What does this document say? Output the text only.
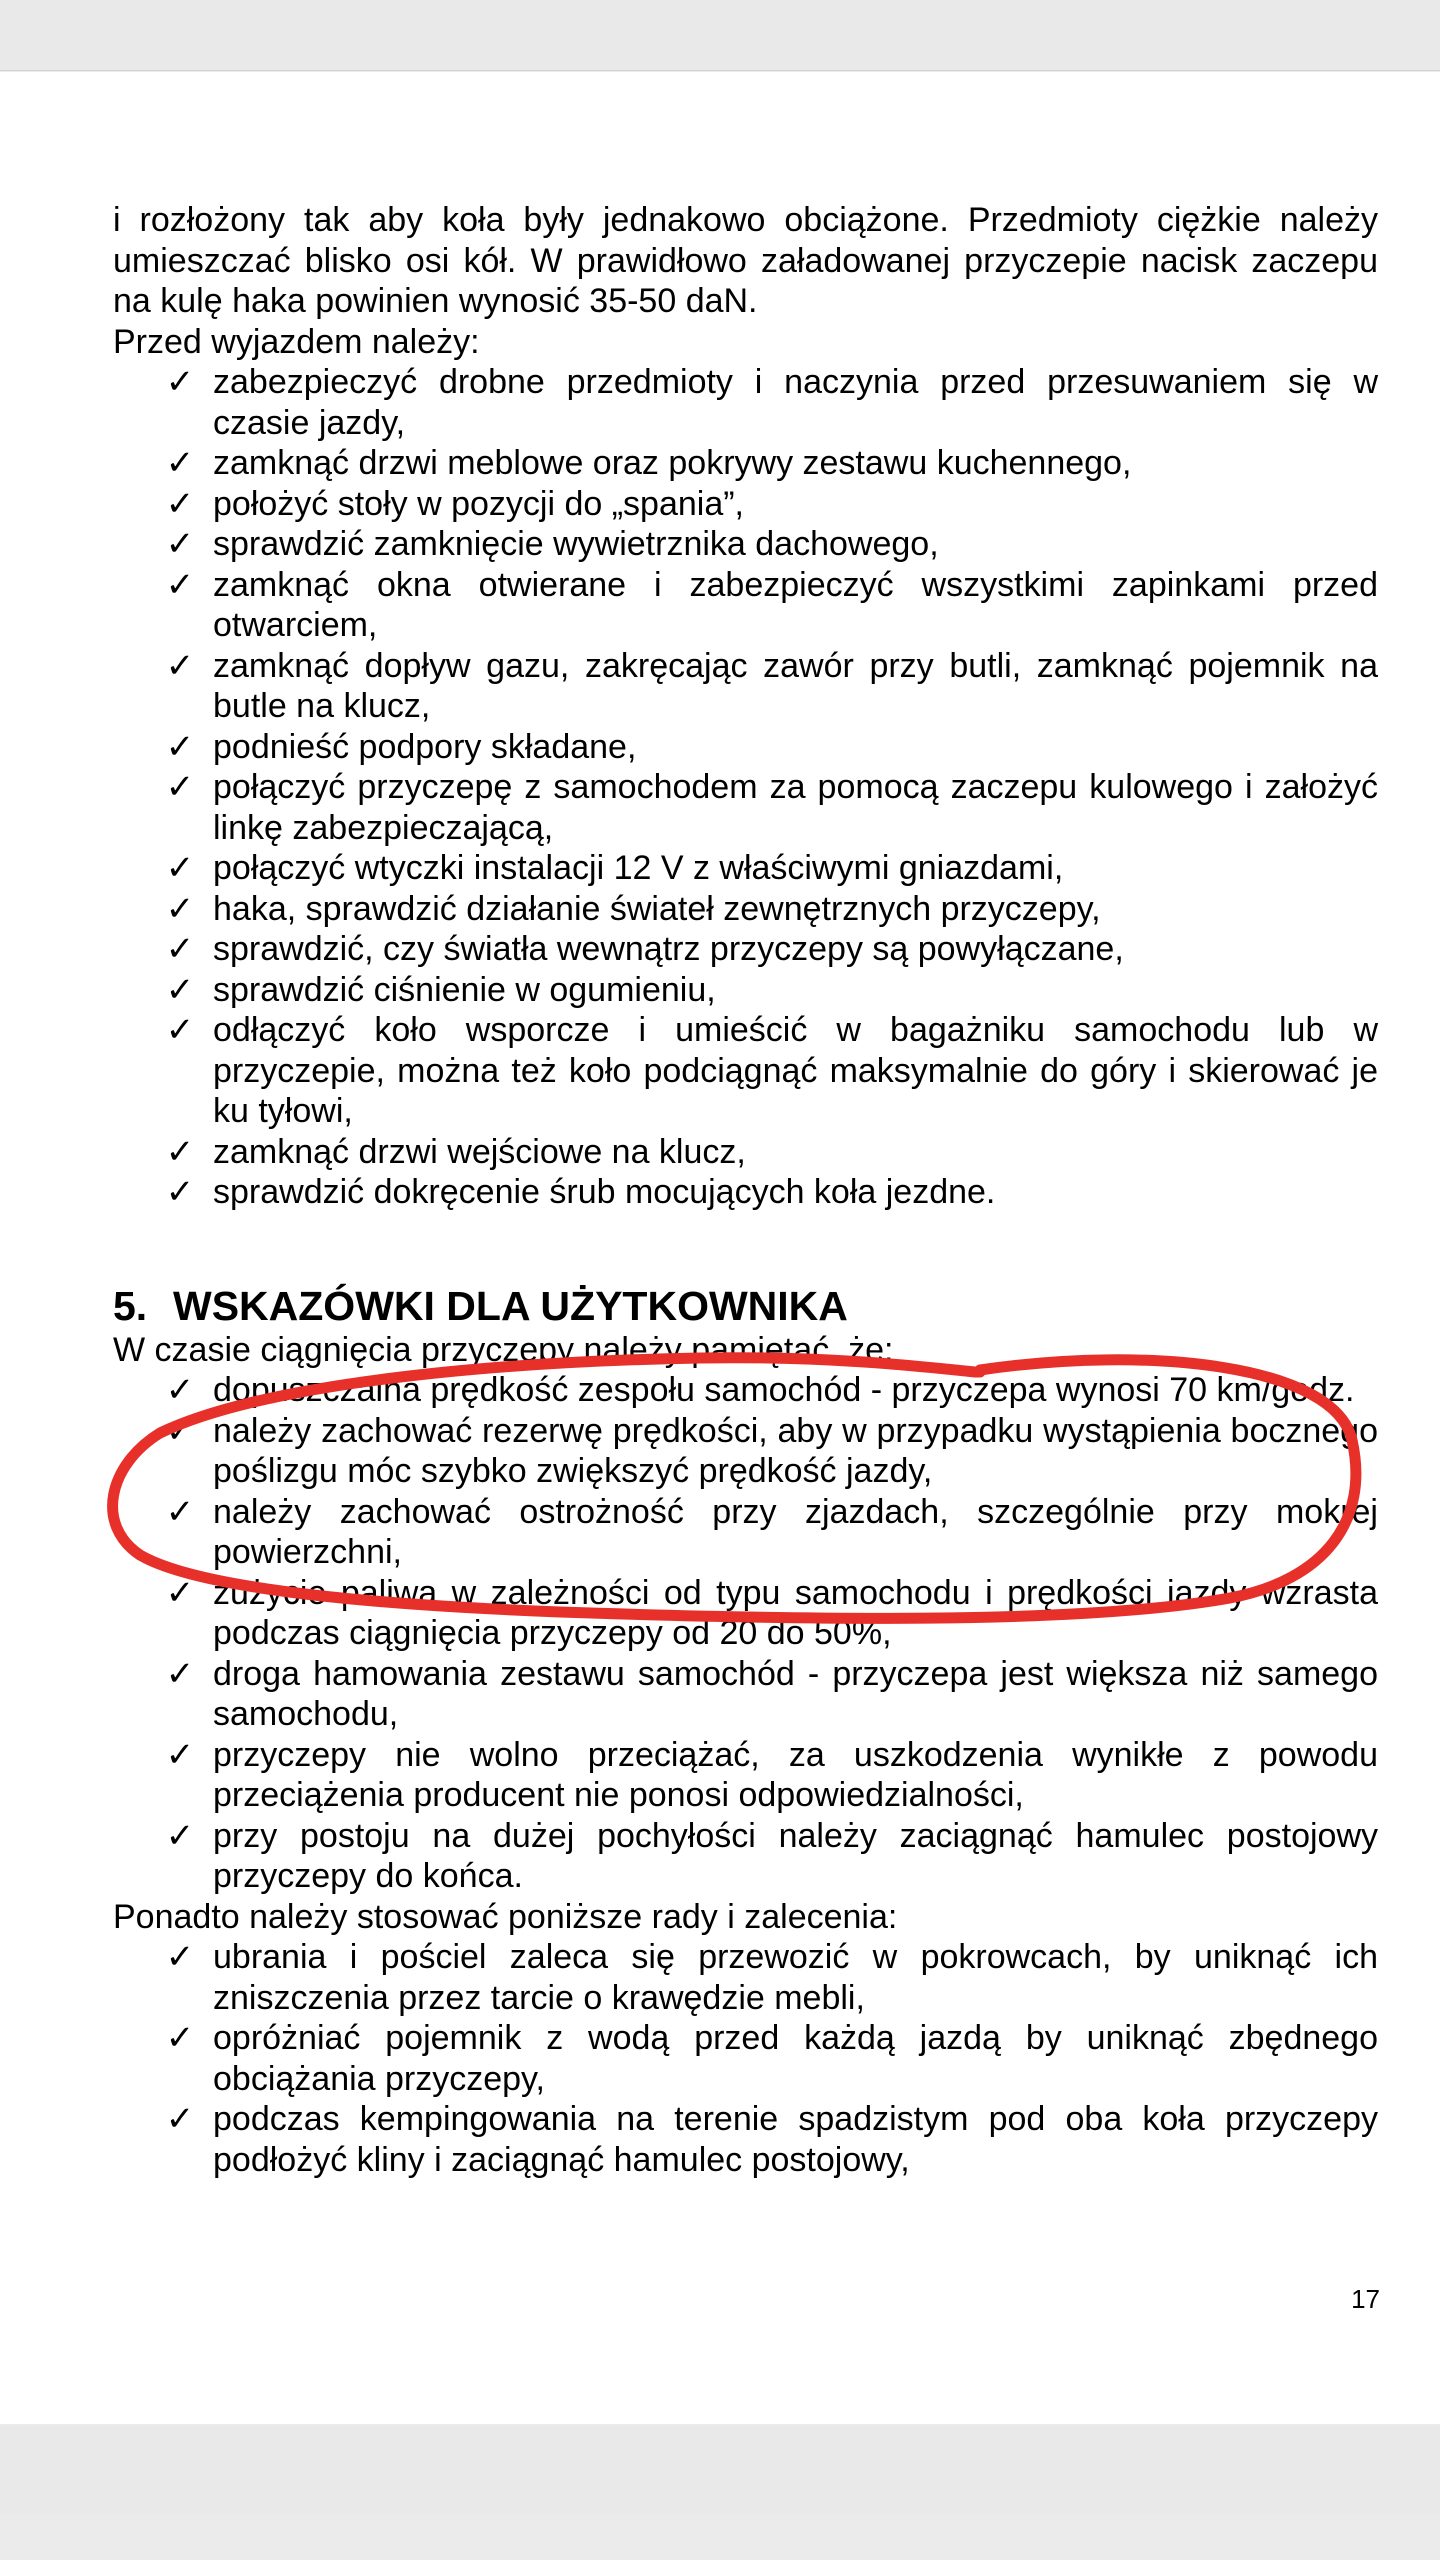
i rozłożony tak aby koła były jednakowo obciążone. Przedmioty ciężkie należy umieszczać blisko osi kół. W prawidłowo załadowanej przyczepie nacisk zaczepu na kulę haka powinien wynosić 35-50 daN.

Przed wyjazdem należy:

✓ zabezpieczyć drobne przedmioty i naczynia przed przesuwaniem się w czasie jazdy,
✓ zamknąć drzwi meblowe oraz pokrywy zestawu kuchennego,
✓ położyć stoły w pozycji do „spania”,
✓ sprawdzić zamknięcie wywietrznika dachowego,
✓ zamknąć okna otwierane i zabezpieczyć wszystkimi zapinkami przed otwarciem,
✓ zamknąć dopływ gazu, zakręcając zawór przy butli, zamknąć pojemnik na butle na klucz,
✓ podnieść podpory składane,
✓ połączyć przyczepę z samochodem za pomocą zaczepu kulowego i założyć linkę zabezpieczającą,
✓ połączyć wtyczki instalacji 12 V z właściwymi gniazdami,
✓ haka, sprawdzić działanie świateł zewnętrznych przyczepy,
✓ sprawdzić, czy światła wewnątrz przyczepy są powyłączane,
✓ sprawdzić ciśnienie w ogumieniu,
✓ odłączyć koło wsporcze i umieścić w bagażniku samochodu lub w przyczepie, można też koło podciągnąć maksymalnie do góry i skierować je ku tyłowi,
✓ zamknąć drzwi wejściowe na klucz,
✓ sprawdzić dokręcenie śrub mocujących koła jezdne.
5. WSKAZÓWKI DLA UŻYTKOWNIKA

W czasie ciągnięcia przyczepy należy pamiętać, że:

✓ dopuszczalna prędkość zespołu samochód - przyczepa wynosi 70 km/godz.
✓ należy zachować rezerwę prędkości, aby w przypadku wystąpienia bocznego poślizgu móc szybko zwiększyć prędkość jazdy,
✓ należy zachować ostrożność przy zjazdach, szczególnie przy mokrej powierzchni,
✓ zużycie paliwa w zależności od typu samochodu i prędkości jazdy wzrasta podczas ciągnięcia przyczepy od 20 do 50%,
✓ droga hamowania zestawu samochód - przyczepa jest większa niż samego samochodu,
✓ przyczepy nie wolno przeciążać, za uszkodzenia wynikłe z powodu przeciążenia producent nie ponosi odpowiedzialności,
✓ przy postoju na dużej pochyłości należy zaciągnąć hamulec postojowy przyczepy do końca.

Ponadto należy stosować poniższe rady i zalecenia:

✓ ubrania i pościel zaleca się przewozić w pokrowcach, by uniknąć ich zniszczenia przez tarcie o krawędzie mebli,
✓ opróżniać pojemnik z wodą przed każdą jazdą by uniknąć zbędnego obciążania przyczepy,
✓ podczas kempingowania na terenie spadzistym pod oba koła przyczepy podłożyć kliny i zaciągnąć hamulec postojowy,
17
